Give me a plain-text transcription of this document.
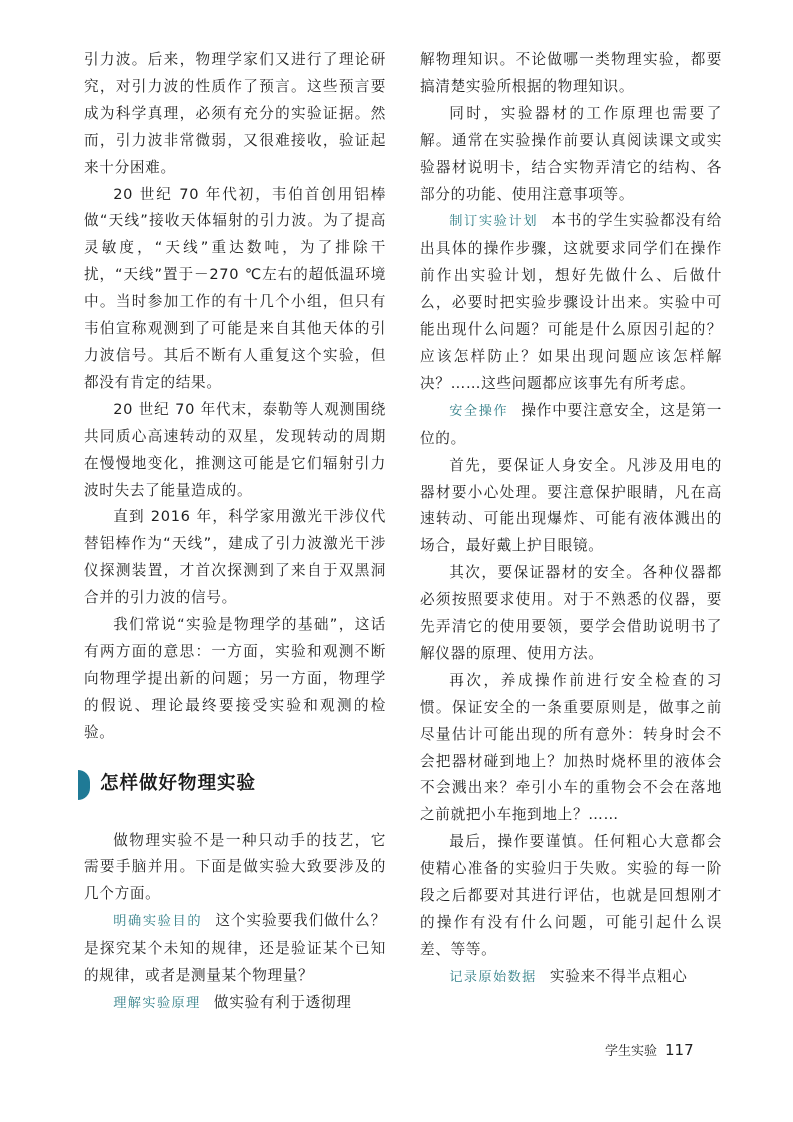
引力波。后来，物理学家们又进行了理论研究，对引力波的性质作了预言。这些预言要成为科学真理，必须有充分的实验证据。然而，引力波非常微弱，又很难接收，验证起来十分困难。

20 世纪 70 年代初，韦伯首创用铝棒做“天线”接收天体辐射的引力波。为了提高灵敏度，“天线”重达数吨，为了排除干扰，“天线”置于－270 ℃左右的超低温环境中。当时参加工作的有十几个小组，但只有韦伯宣称观测到了可能是来自其他天体的引力波信号。其后不断有人重复这个实验，但都没有肯定的结果。

20 世纪 70 年代末，泰勒等人观测围绕共同质心高速转动的双星，发现转动的周期在慢慢地变化，推测这可能是它们辐射引力波时失去了能量造成的。

直到 2016 年，科学家用激光干涉仪代替铝棒作为“天线”，建成了引力波激光干涉仪探测装置，才首次探测到了来自于双黑洞合并的引力波的信号。

我们常说“实验是物理学的基础”，这话有两方面的意思：一方面，实验和观测不断向物理学提出新的问题；另一方面，物理学的假说、理论最终要接受实验和观测的检验。

怎样做好物理实验

做物理实验不是一种只动手的技艺，它需要手脑并用。下面是做实验大致要涉及的几个方面。

明确实验目的 这个实验要我们做什么？是探究某个未知的规律，还是验证某个已知的规律，或者是测量某个物理量？

理解实验原理 做实验有利于透彻理

解物理知识。不论做哪一类物理实验，都要搞清楚实验所根据的物理知识。

同时，实验器材的工作原理也需要了解。通常在实验操作前要认真阅读课文或实验器材说明卡，结合实物弄清它的结构、各部分的功能、使用注意事项等。

制订实验计划 本书的学生实验都没有给出具体的操作步骤，这就要求同学们在操作前作出实验计划，想好先做什么、后做什么，必要时把实验步骤设计出来。实验中可能出现什么问题？可能是什么原因引起的？应该怎样防止？如果出现问题应该怎样解决？……这些问题都应该事先有所考虑。

安全操作 操作中要注意安全，这是第一位的。

首先，要保证人身安全。凡涉及用电的器材要小心处理。要注意保护眼睛，凡在高速转动、可能出现爆炸、可能有液体溅出的场合，最好戴上护目眼镜。

其次，要保证器材的安全。各种仪器都必须按照要求使用。对于不熟悉的仪器，要先弄清它的使用要领，要学会借助说明书了解仪器的原理、使用方法。

再次，养成操作前进行安全检查的习惯。保证安全的一条重要原则是，做事之前尽量估计可能出现的所有意外：转身时会不会把器材碰到地上？加热时烧杯里的液体会不会溅出来？牵引小车的重物会不会在落地之前就把小车拖到地上？……

最后，操作要谨慎。任何粗心大意都会使精心准备的实验归于失败。实验的每一阶段之后都要对其进行评估，也就是回想刚才的操作有没有什么问题，可能引起什么误差、等等。

记录原始数据 实验来不得半点粗心

学生实验 117
